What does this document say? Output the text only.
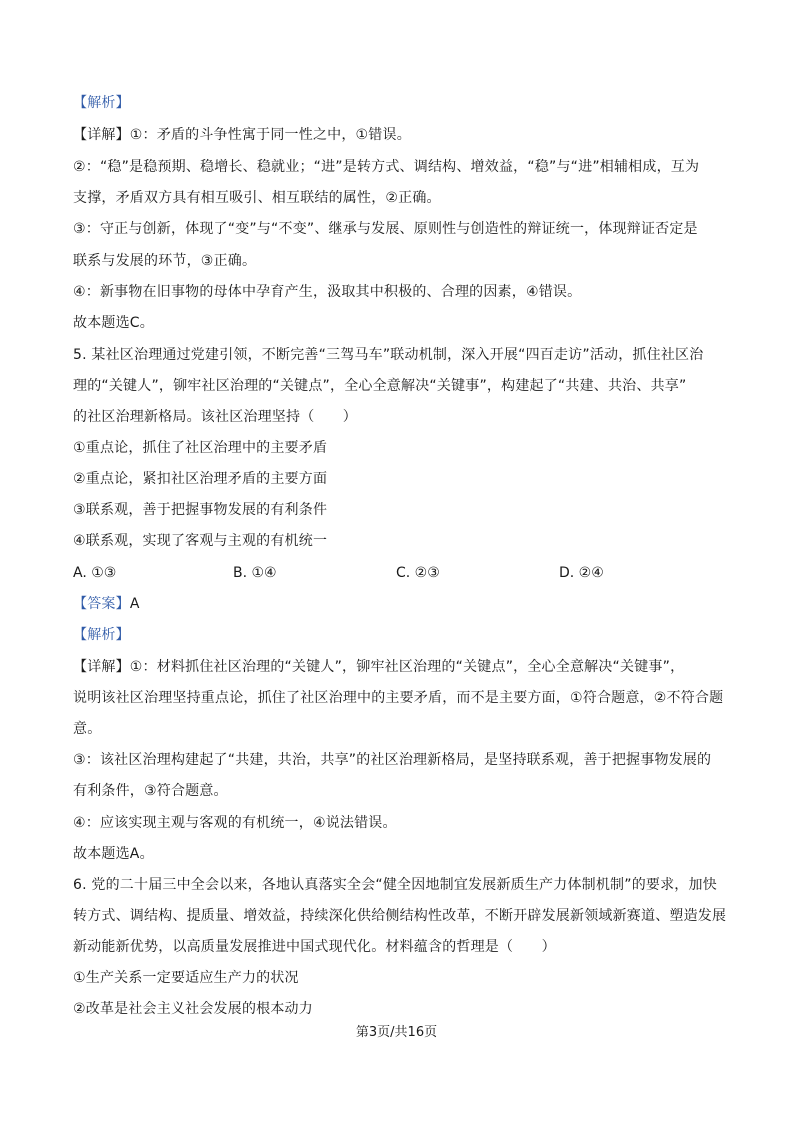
【解析】
【详解】①：矛盾的斗争性寓于同一性之中，①错误。
②：“稳”是稳预期、稳增长、稳就业；“进”是转方式、调结构、增效益，“稳”与“进”相辅相成，互为
支撑，矛盾双方具有相互吸引、相互联结的属性，②正确。
③：守正与创新，体现了“变”与“不变”、继承与发展、原则性与创造性的辩证统一，体现辩证否定是
联系与发展的环节，③正确。
④：新事物在旧事物的母体中孕育产生，汲取其中积极的、合理的因素，④错误。
故本题选C。
5. 某社区治理通过党建引领，不断完善“三驾马车”联动机制，深入开展“四百走访”活动，抓住社区治
理的“关键人”，铆牢社区治理的“关键点”，全心全意解决“关键事”，构建起了“共建、共治、共享”
的社区治理新格局。该社区治理坚持（　　）
①重点论，抓住了社区治理中的主要矛盾
②重点论，紧扣社区治理矛盾的主要方面
③联系观，善于把握事物发展的有利条件
④联系观，实现了客观与主观的有机统一
A. ①③	B. ①④	C. ②③	D. ②④
【答案】A
【解析】
【详解】①：材料抓住社区治理的“关键人”，铆牢社区治理的“关键点”，全心全意解决“关键事”，
说明该社区治理坚持重点论，抓住了社区治理中的主要矛盾，而不是主要方面，①符合题意，②不符合题
意。
③：该社区治理构建起了“共建，共治，共享”的社区治理新格局，是坚持联系观，善于把握事物发展的
有利条件，③符合题意。
④：应该实现主观与客观的有机统一，④说法错误。
故本题选A。
6. 党的二十届三中全会以来，各地认真落实全会“健全因地制宜发展新质生产力体制机制”的要求，加快
转方式、调结构、提质量、增效益，持续深化供给侧结构性改革，不断开辟发展新领域新赛道、塑造发展
新动能新优势，以高质量发展推进中国式现代化。材料蕴含的哲理是（　　）
①生产关系一定要适应生产力的状况
②改革是社会主义社会发展的根本动力
第3页/共16页
